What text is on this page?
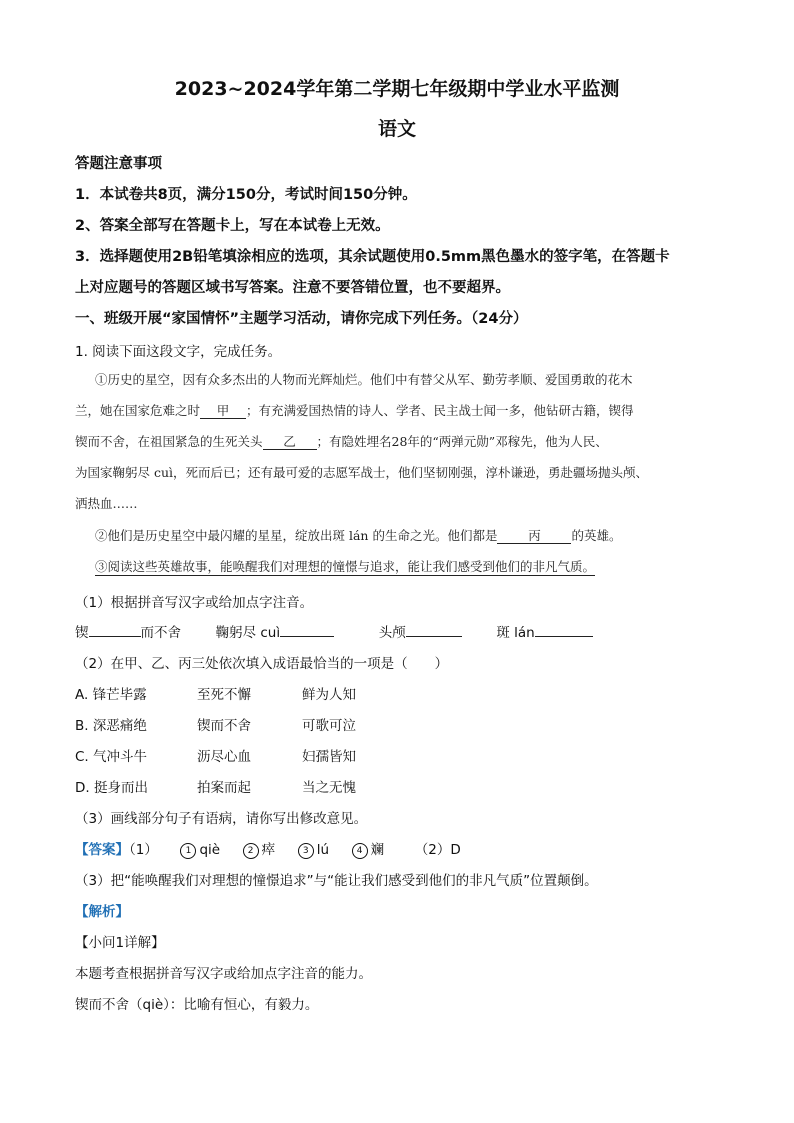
2023~2024学年第二学期七年级期中学业水平监测
语文
答题注意事项
1．本试卷共8页，满分150分，考试时间150分钟。
2、答案全部写在答题卡上，写在本试卷上无效。
3．选择题使用2B铅笔填涂相应的选项，其余试题使用0.5mm黑色墨水的签字笔，在答题卡
上对应题号的答题区域书写答案。注意不要答错位置，也不要超界。
一、班级开展“家国情怀”主题学习活动，请你完成下列任务。（24分）
1. 阅读下面这段文字，完成任务。
①历史的星空，因有众多杰出的人物而光辉灿烂。他们中有替父从军、勤劳孝顺、爱国勇敢的花木
兰，她在国家危难之时 甲 ；有充满爱国热情的诗人、学者、民主战士闻一多，他钻研古籍，锲得
锲而不舍，在祖国紧急的生死关头 乙 ；有隐姓埋名28年的“两弹元勋”邓稼先，他为人民、
为国家鞠躬尽 cuì，死而后已；还有最可爱的志愿军战士，他们坚韧刚强，淳朴谦逊，勇赴疆场抛头颅、
洒热血……
②他们是历史星空中最闪耀的星星，绽放出斑 lán 的生命之光。他们都是 丙 的英雄。
③阅读这些英雄故事，能唤醒我们对理想的憧憬与追求，能让我们感受到他们的非凡气质。
（1）根据拼音写汉字或给加点字注音。
锲	而不舍	鞠躬尽 cuì	头颅	斑 lán
（2）在甲、乙、丙三处依次填入成语最恰当的一项是（　　）
A. 锋芒毕露	至死不懈	鲜为人知
B. 深恶痛绝	锲而不舍	可歌可泣
C. 气冲斗牛	沥尽心血	妇孺皆知
D. 挺身而出	拍案而起	当之无愧
（3）画线部分句子有语病，请你写出修改意见。
【答案】（1）	1 qiè	2 瘁	3 lú	4 斓 （2）D
（3）把“能唤醒我们对理想的憧憬追求”与“能让我们感受到他们的非凡气质”位置颠倒。
【解析】
【小问1详解】
本题考查根据拼音写汉字或给加点字注音的能力。
锲而不舍（qiè）：比喻有恒心，有毅力。
